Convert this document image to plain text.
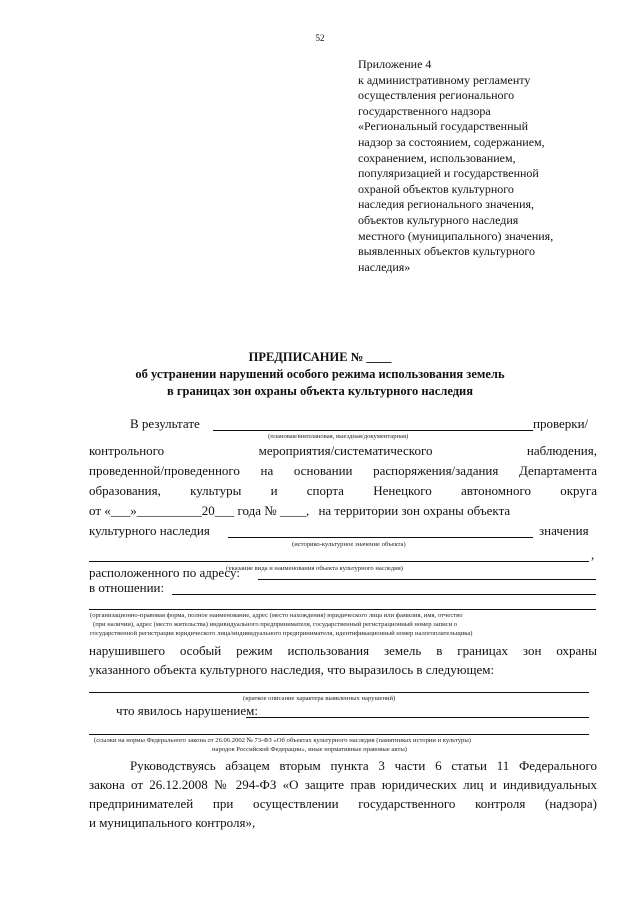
52
Приложение 4
к административному регламенту
осуществления регионального
государственного надзора
«Региональный государственный
надзор за состоянием, содержанием,
сохранением, использованием,
популяризацией и государственной
охраной объектов культурного
наследия регионального значения,
объектов культурного наследия
местного (муниципального) значения,
выявленных объектов культурного
наследия»
ПРЕДПИСАНИЕ № ____
об устранении нарушений особого режима использования земель
в границах зон охраны объекта культурного наследия
В результате	проверки/
(плановая/внеплановая, выездная/документарная)
контрольного	мероприятия/систематического	наблюдения,
проведенной/проведенного на основании распоряжения/задания Департамента
образования, культуры и спорта Ненецкого автономного округа
от «___»__________20___ года № ____, на территории зон охраны объекта
культурного наследия	значения
(историко-культурное значение объекта)
,
(указание вида и наименования объекта культурного наследия)
расположенного по адресу:
в отношении:
(организационно-правовая форма, полное наименование, адрес (место нахождения) юридического лица или фамилия, имя, отчество
(при наличии), адрес (место жительства) индивидуального предпринимателя, государственный регистрационный номер записи о
государственной регистрации юридического лица/индивидуального предпринимателя, идентификационный номер налогоплательщика)
нарушившего особый режим использования земель в границах зон охраны
указанного объекта культурного наследия, что выразилось в следующем:
(краткое описание характера выявленных нарушений)
что явилось нарушением:
(ссылки на нормы Федерального закона от 26.06.2002 № 73-ФЗ «Об объектах культурного наследия (памятниках истории и культуры)
народов Российской Федерации», иные нормативные правовые акты)
Руководствуясь абзацем вторым пункта 3 части 6 статьи 11 Федерального
закона от 26.12.2008 № 294-ФЗ «О защите прав юридических лиц и индивидуальных
предпринимателей при осуществлении государственного контроля (надзора)
и муниципального контроля»,
